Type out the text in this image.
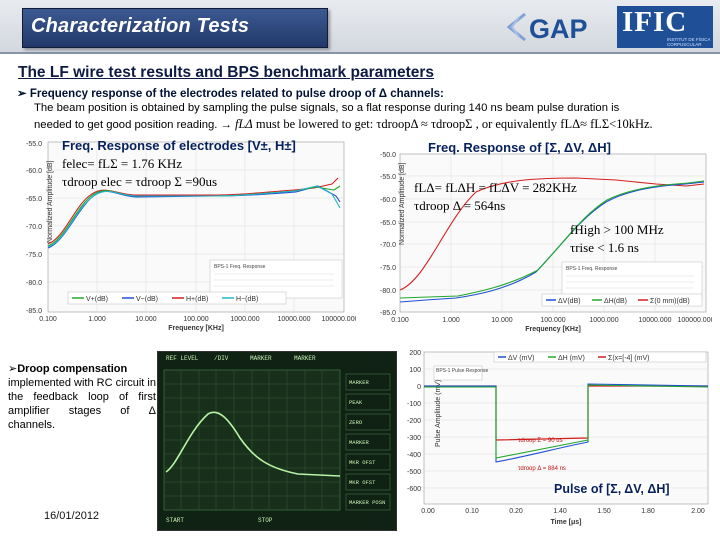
Characterization Tests	GAP IFIC
INSTITUT DE FÍSICA CORPUSCULAR
The LF wire test results and BPS benchmark parameters
➢ Frequency response of the electrodes related to pulse droop of Δ channels:
The beam position is obtained by sampling the pulse signals, so a flat response during 140 ns beam pulse duration is
needed to get good position reading. → fLΔ must be lowered to get: τdroopΔ ≈ τdroopΣ , or equivalently fLΔ≈ fLΣ<10kHz.
Normalized Amplitude [dB]
-55.0
-60.0
-65.0
-70.0
-75.0
-80.0
-85.0
0.100	1.000	10.000	100.000	1000.000	10000.000 100000.000
Frequency [KHz]
BPS-1 Freq. Response
V+(dB)	V−(dB)	H+(dB)	H−(dB)
Freq. Response of electrodes [V±, H±]
felec= fLΣ = 1.76 KHz
τdroop elec = τdroop Σ =90us	Normalized Amplitude [dB]
-50.0
-55.0
-60.0
-65.0
-70.0
-75.0
-80.0
-85.0
0.100	1.000	10.000	100.000	1000.000	10000.000 100000.000
Frequency [KHz]
BPS-1 Freq. Response
ΔV(dB)	ΔH(dB)	Σ(0 mm)(dB)
Freq. Response of [Σ, ΔV, ΔH]
fLΔ= fLΔH = fLΔV = 282KHz
τdroop Δ = 564ns
fHigh > 100 MHz
τrise < 1.6 ns
➢Droop compensation
implemented with RC circuit in the feedback loop of first amplifier stages of Δ channels.
REF LEVEL	/DIV	MARKER	MARKER
START	STOP
MARKER
PEAK
ZERO
MARKER
MKR OFST
MKR OFST
MARKER POSN
Pulse Amplitude (mV)
200
100
0
-100
-200
-300
-400
-500
-600
0.00	0.10	0.20	1.40	1.50	1.80	2.00
Time [μs]
ΔV (mV)	ΔH (mV)	Σ(x=[-4] (mV)
BPS-1 Pulse Response
τdroop Σ = 90 us
τdroop Δ = 884 ns
Pulse of [Σ, ΔV, ΔH]
16/01/2012
